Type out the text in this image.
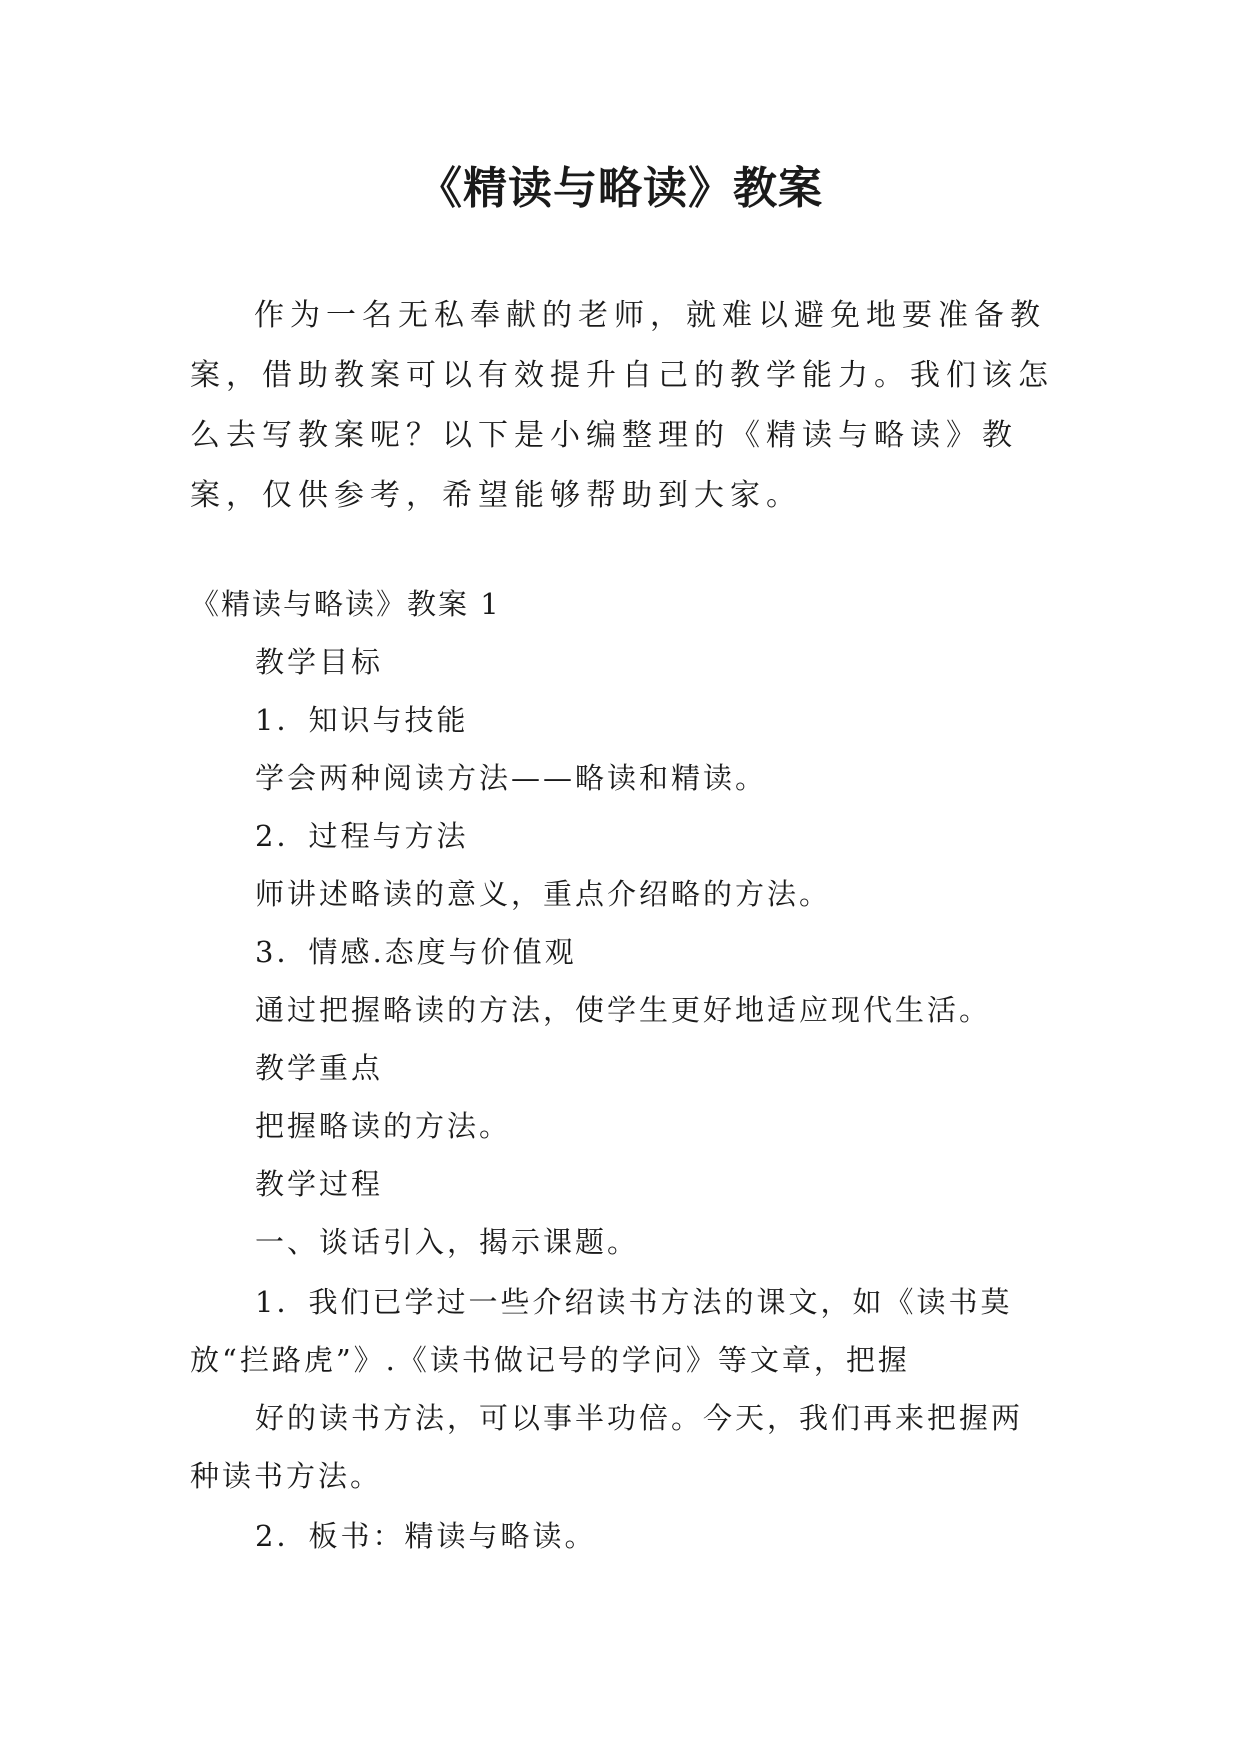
《精读与略读》教案

作为一名无私奉献的老师，就难以避免地要准备教案，借助教案可以有效提升自己的教学能力。我们该怎么去写教案呢？以下是小编整理的《精读与略读》教案，仅供参考，希望能够帮助到大家。

《精读与略读》教案 1
教学目标
1．知识与技能
学会两种阅读方法——略读和精读。
2．过程与方法
师讲述略读的意义，重点介绍略的方法。
3．情感.态度与价值观
通过把握略读的方法，使学生更好地适应现代生活。
教学重点
把握略读的方法。
教学过程
一、谈话引入，揭示课题。
1．我们已学过一些介绍读书方法的课文，如《读书莫
放“拦路虎”》.《读书做记号的学问》等文章，把握
好的读书方法，可以事半功倍。今天，我们再来把握两
种读书方法。
2．板书：精读与略读。
